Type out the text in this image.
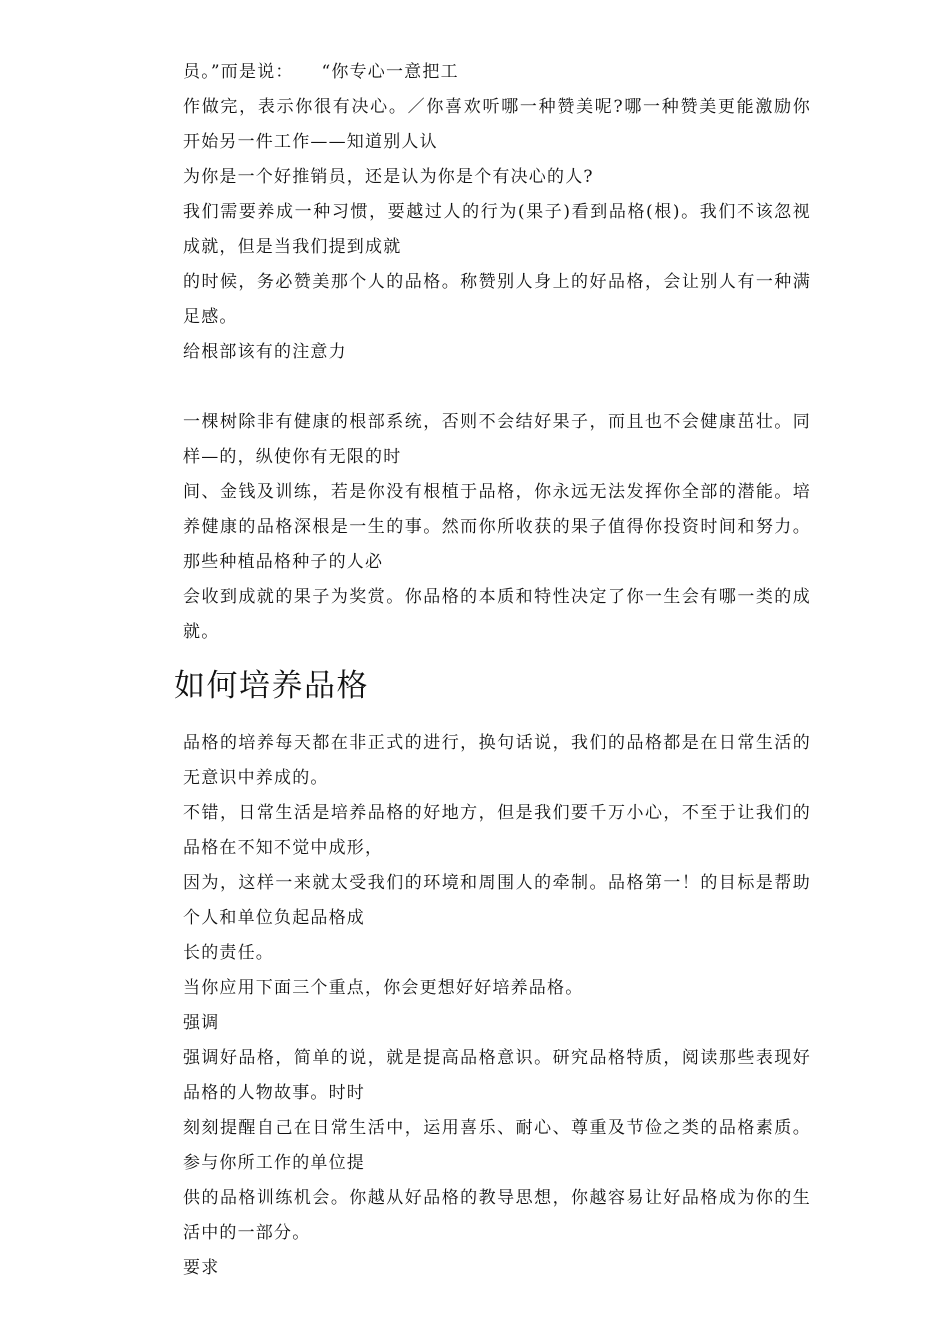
员。”而是说：　　“你专心一意把工

作做完，表示你很有决心。／你喜欢听哪一种赞美呢?哪一种赞美更能激励你开始另一件工作——知道别人认

为你是一个好推销员，还是认为你是个有决心的人?

我们需要养成一种习惯，要越过人的行为(果子)看到品格(根)。我们不该忽视成就，但是当我们提到成就

的时候，务必赞美那个人的品格。称赞别人身上的好品格，会让别人有一种满足感。

给根部该有的注意力

一棵树除非有健康的根部系统，否则不会结好果子，而且也不会健康茁壮。同样—的，纵使你有无限的时

间、金钱及训练，若是你没有根植于品格，你永远无法发挥你全部的潜能。培养健康的品格深根是一生的事。然而你所收获的果子值得你投资时间和努力。那些种植品格种子的人必

会收到成就的果子为奖赏。你品格的本质和特性决定了你一生会有哪一类的成就。

如何培养品格

品格的培养每天都在非正式的进行，换句话说，我们的品格都是在日常生活的无意识中养成的。

不错，日常生活是培养品格的好地方，但是我们要千万小心，不至于让我们的品格在不知不觉中成形，

因为，这样一来就太受我们的环境和周围人的牵制。品格第一！的目标是帮助个人和单位负起品格成

长的责任。

当你应用下面三个重点，你会更想好好培养品格。

强调

强调好品格，简单的说，就是提高品格意识。研究品格特质，阅读那些表现好品格的人物故事。时时

刻刻提醒自己在日常生活中，运用喜乐、耐心、尊重及节俭之类的品格素质。参与你所工作的单位提

供的品格训练机会。你越从好品格的教导思想，你越容易让好品格成为你的生活中的一部分。

要求
